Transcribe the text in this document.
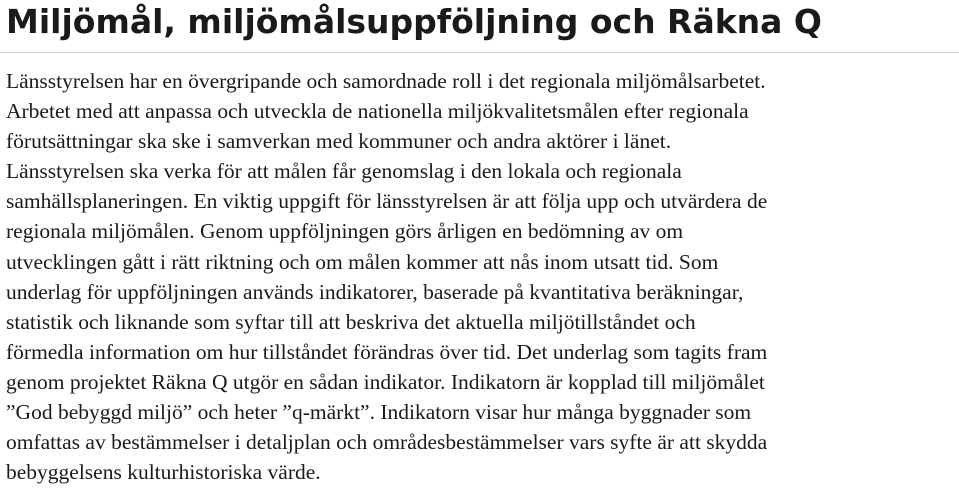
Miljömål, miljömålsuppföljning och Räkna Q
Länsstyrelsen har en övergripande och samordnade roll i det regionala miljömålsarbetet.
Arbetet med att anpassa och utveckla de nationella miljökvalitetsmålen efter regionala
förutsättningar ska ske i samverkan med kommuner och andra aktörer i länet.
Länsstyrelsen ska verka för att målen får genomslag i den lokala och regionala
samhällsplaneringen. En viktig uppgift för länsstyrelsen är att följa upp och utvärdera de
regionala miljömålen. Genom uppföljningen görs årligen en bedömning av om
utvecklingen gått i rätt riktning och om målen kommer att nås inom utsatt tid. Som
underlag för uppföljningen används indikatorer, baserade på kvantitativa beräkningar,
statistik och liknande som syftar till att beskriva det aktuella miljötillståndet och
förmedla information om hur tillståndet förändras över tid. Det underlag som tagits fram
genom projektet Räkna Q utgör en sådan indikator. Indikatorn är kopplad till miljömålet
”God bebyggd miljö” och heter ”q-märkt”. Indikatorn visar hur många byggnader som
omfattas av bestämmelser i detaljplan och områdesbestämmelser vars syfte är att skydda
bebyggelsens kulturhistoriska värde.
